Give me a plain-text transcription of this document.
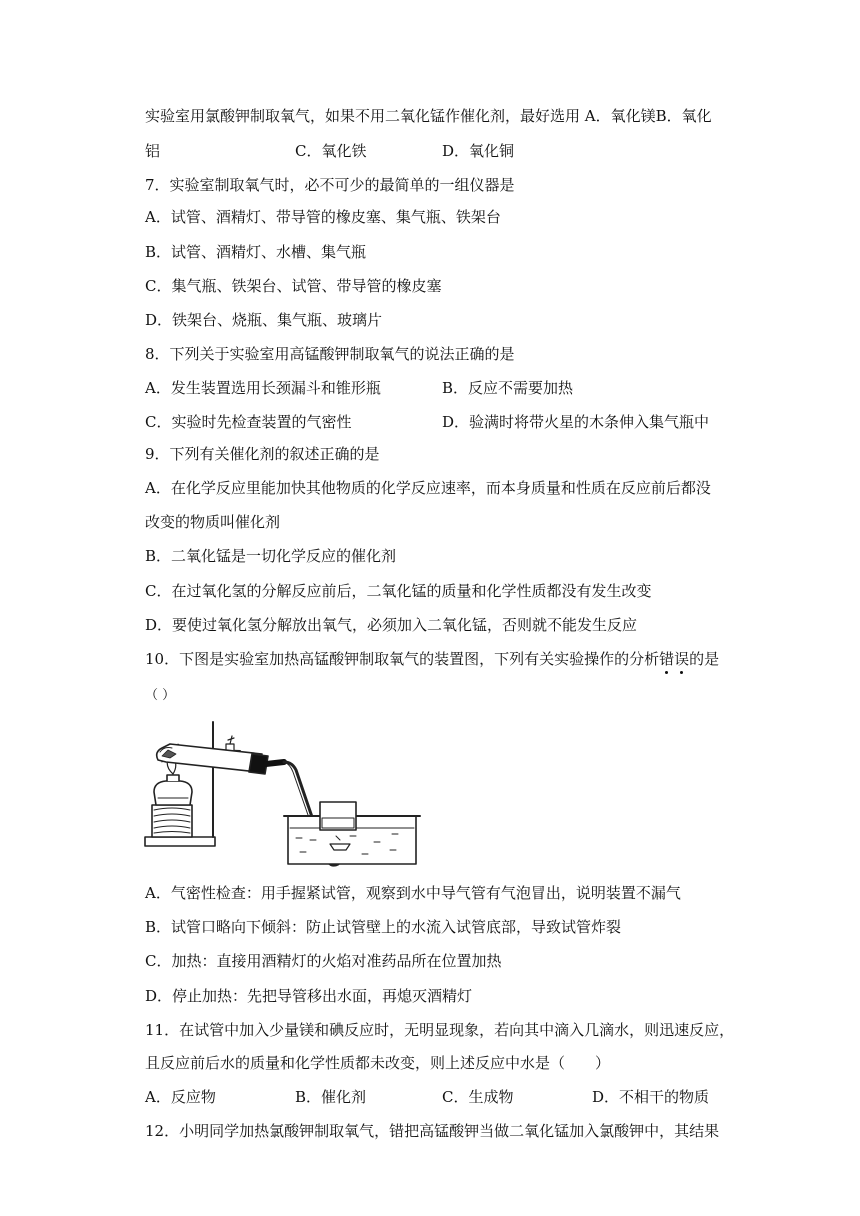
实验室用氯酸钾制取氧气，如果不用二氧化锰作催化剂，最好选用 A．氧化镁B．氧化
铝	C．氧化铁	D．氧化铜
7．实验室制取氧气时，必不可少的最简单的一组仪器是
A．试管、酒精灯、带导管的橡皮塞、集气瓶、铁架台
B．试管、酒精灯、水槽、集气瓶
C．集气瓶、铁架台、试管、带导管的橡皮塞
D．铁架台、烧瓶、集气瓶、玻璃片
8．下列关于实验室用高锰酸钾制取氧气的说法正确的是
A．发生装置选用长颈漏斗和锥形瓶	B．反应不需要加热
C．实验时先检查装置的气密性	D．验满时将带火星的木条伸入集气瓶中
9．下列有关催化剂的叙述正确的是
A．在化学反应里能加快其他物质的化学反应速率，而本身质量和性质在反应前后都没
改变的物质叫催化剂
B．二氧化锰是一切化学反应的催化剂
C．在过氧化氢的分解反应前后，二氧化锰的质量和化学性质都没有发生改变
D．要使过氧化氢分解放出氧气，必须加入二氧化锰，否则就不能发生反应
10．下图是实验室加热高锰酸钾制取氧气的装置图，下列有关实验操作的分析错误的是
（ ）
A．气密性检查：用手握紧试管，观察到水中导气管有气泡冒出，说明装置不漏气
B．试管口略向下倾斜：防止试管壁上的水流入试管底部，导致试管炸裂
C．加热：直接用酒精灯的火焰对准药品所在位置加热
D．停止加热：先把导管移出水面，再熄灭酒精灯
11．在试管中加入少量镁和碘反应时，无明显现象，若向其中滴入几滴水，则迅速反应，
且反应前后水的质量和化学性质都未改变，则上述反应中水是（　　）
A．反应物	B．催化剂	C．生成物	D．不相干的物质
12．小明同学加热氯酸钾制取氧气，错把高锰酸钾当做二氧化锰加入氯酸钾中，其结果
